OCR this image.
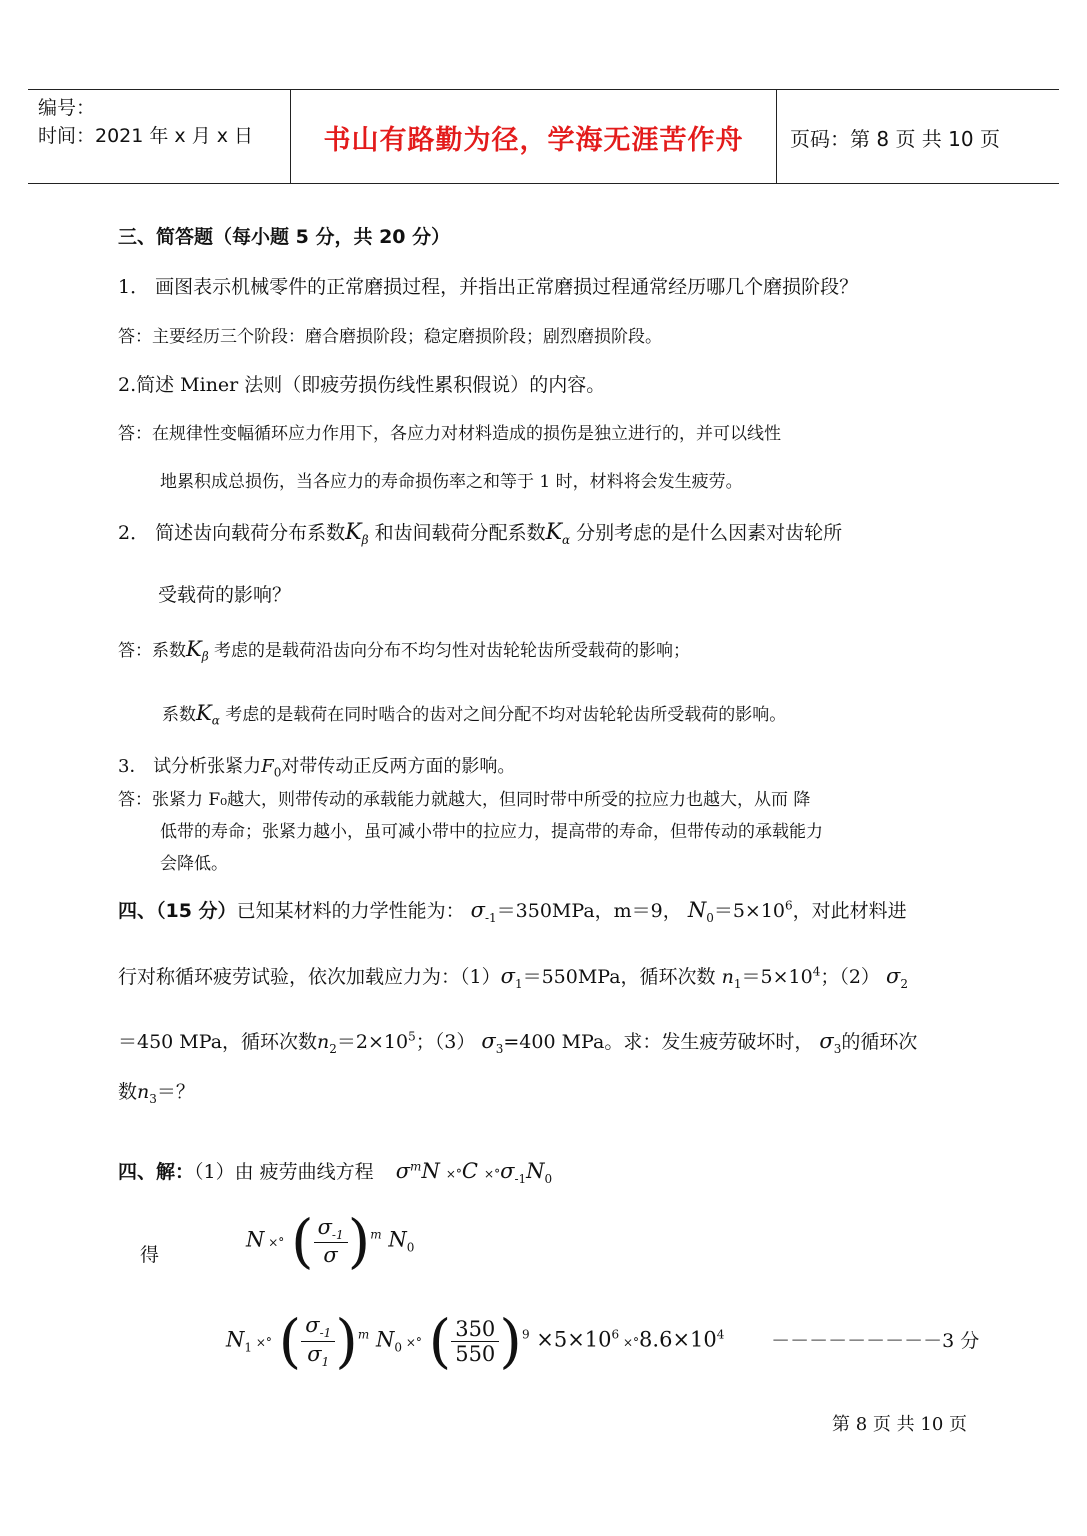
编号：
时间：2021 年 x 月 x 日	书山有路勤为径，学海无涯苦作舟	页码：第 8 页 共 10 页
三、简答题（每小题 5 分，共 20 分）
1． 画图表示机械零件的正常磨损过程，并指出正常磨损过程通常经历哪几个磨损阶段？
答：主要经历三个阶段：磨合磨损阶段；稳定磨损阶段；剧烈磨损阶段。
2.简述 Miner 法则（即疲劳损伤线性累积假说）的内容。
答：在规律性变幅循环应力作用下，各应力对材料造成的损伤是独立进行的，并可以线性
地累积成总损伤，当各应力的寿命损伤率之和等于 1 时，材料将会发生疲劳。
2． 简述齿向载荷分布系数$K_\beta$ 和齿间载荷分配系数$K_\alpha$ 分别考虑的是什么因素对齿轮所
受载荷的影响？
答：系数$K_\beta$ 考虑的是载荷沿齿向分布不均匀性对齿轮轮齿所受载荷的影响；
系数$K_\alpha$ 考虑的是载荷在同时啮合的齿对之间分配不均对齿轮轮齿所受载荷的影响。
3． 试分析张紧力$F_0$对带传动正反两方面的影响。
答：张紧力 F₀越大，则带传动的承载能力就越大，但同时带中所受的拉应力也越大，从而 降
低带的寿命；张紧力越小，虽可减小带中的拉应力，提高带的寿命，但带传动的承载能力
会降低。
四、（15 分）已知某材料的力学性能为： $\sigma_{-1}=350MPa$，m＝9， $N_0=5\times 10^6$，对此材料进
行对称循环疲劳试验，依次加载应力为：$(1)\sigma_1=550MPa$，循环次数 $n_1=5\times 10^4$；（2） $\sigma_2$
＝450 MPa，循环次数$n_2=2\times 10^5$；（3） $\sigma_3=400$ MPa。求：发生疲劳破坏时， $\sigma_3$的循环次
数$n_3=$？
四、解：（1）由 疲劳曲线方程 $\sigma^mN \times^\circ C \times^\circ\sigma_{-1}N_0$
得
N ×° ( $\frac{\sigma_{-1}}{\sigma} )^m$ $N_0$
$N_1$ ×° ( $\frac{\sigma_{-1}}{\sigma_1} )^m$ $N_0$ ×° ( $\frac{350}{550} )^9 \times 5\times 10^6 \times^\circ 8.6\times 10^4 ---------3$ 分
第 8 页 共 10 页
